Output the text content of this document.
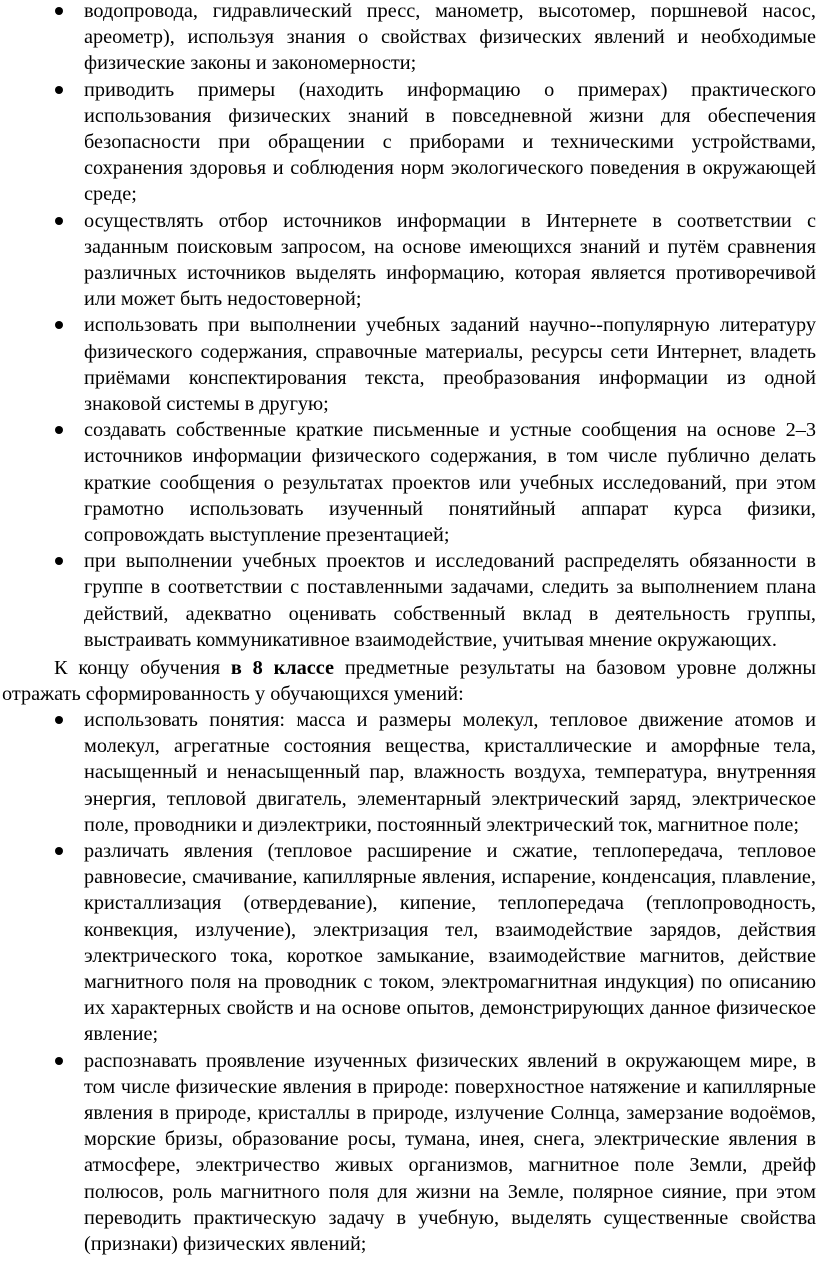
водопровода, гидравлический пресс, манометр, высотомер, поршневой насос, ареометр), используя знания о свойствах физических явлений и необходимые физические законы и закономерности;
приводить примеры (находить информацию о примерах) практического использования физических знаний в повседневной жизни для обеспечения безопасности при обращении с приборами и техническими устройствами, сохранения здоровья и соблюдения норм экологического поведения в окружающей среде;
осуществлять отбор источников информации в Интернете в соответствии с заданным поисковым запросом, на основе имеющихся знаний и путём сравнения различных источников выделять информацию, которая является противоречивой или может быть недостоверной;
использовать при выполнении учебных заданий научно--популярную литературу физического содержания, справочные материалы, ресурсы сети Интернет, владеть приёмами конспектирования текста, преобразования информации из одной знаковой системы в другую;
создавать собственные краткие письменные и устные сообщения на основе 2–3 источников информации физического содержания, в том числе публично делать краткие сообщения о результатах проектов или учебных исследований, при этом грамотно использовать изученный понятийный аппарат курса физики, сопровождать выступление презентацией;
при выполнении учебных проектов и исследований распределять обязанности в группе в соответствии с поставленными задачами, следить за выполнением плана действий, адекватно оценивать собственный вклад в деятельность группы, выстраивать коммуникативное взаимодействие, учитывая мнение окружающих.

К концу обучения в 8 классе предметные результаты на базовом уровне должны отражать сформированность у обучающихся умений:

использовать понятия: масса и размеры молекул, тепловое движение атомов и молекул, агрегатные состояния вещества, кристаллические и аморфные тела, насыщенный и ненасыщенный пар, влажность воздуха, температура, внутренняя энергия, тепловой двигатель, элементарный электрический заряд, электрическое поле, проводники и диэлектрики, постоянный электрический ток, магнитное поле;
различать явления (тепловое расширение и сжатие, теплопередача, тепловое равновесие, смачивание, капиллярные явления, испарение, конденсация, плавление, кристаллизация (отвердевание), кипение, теплопередача (теплопроводность, конвекция, излучение), электризация тел, взаимодействие зарядов, действия электрического тока, короткое замыкание, взаимодействие магнитов, действие магнитного поля на проводник с током, электромагнитная индукция) по описанию их характерных свойств и на основе опытов, демонстрирующих данное физическое явление;
распознавать проявление изученных физических явлений в окружающем мире, в том числе физические явления в природе: поверхностное натяжение и капиллярные явления в природе, кристаллы в природе, излучение Солнца, замерзание водоёмов, морские бризы, образование росы, тумана, инея, снега, электрические явления в атмосфере, электричество живых организмов, магнитное поле Земли, дрейф полюсов, роль магнитного поля для жизни на Земле, полярное сияние, при этом переводить практическую задачу в учебную, выделять существенные свойства (признаки) физических явлений;
